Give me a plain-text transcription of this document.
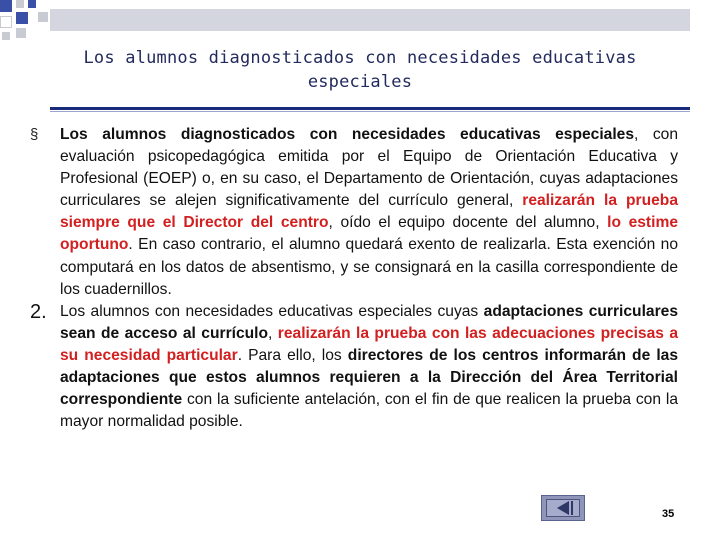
Los alumnos diagnosticados con necesidades educativas especiales
§	Los alumnos diagnosticados con necesidades educativas especiales, con evaluación psicopedagógica emitida por el Equipo de Orientación Educativa y Profesional (EOEP) o, en su caso, el Departamento de Orientación, cuyas adaptaciones curriculares se alejen significativamente del currículo general, realizarán la prueba siempre que el Director del centro, oído el equipo docente del alumno, lo estime oportuno. En caso contrario, el alumno quedará exento de realizarla. Esta exención no computará en los datos de absentismo, y se consignará en la casilla correspondiente de los cuadernillos.
2. Los alumnos con necesidades educativas especiales cuyas adaptaciones curriculares sean de acceso al currículo, realizarán la prueba con las adecuaciones precisas a su necesidad particular. Para ello, los directores de los centros informarán de las adaptaciones que estos alumnos requieren a la Dirección del Área Territorial correspondiente con la suficiente antelación, con el fin de que realicen la prueba con la mayor normalidad posible.
35
